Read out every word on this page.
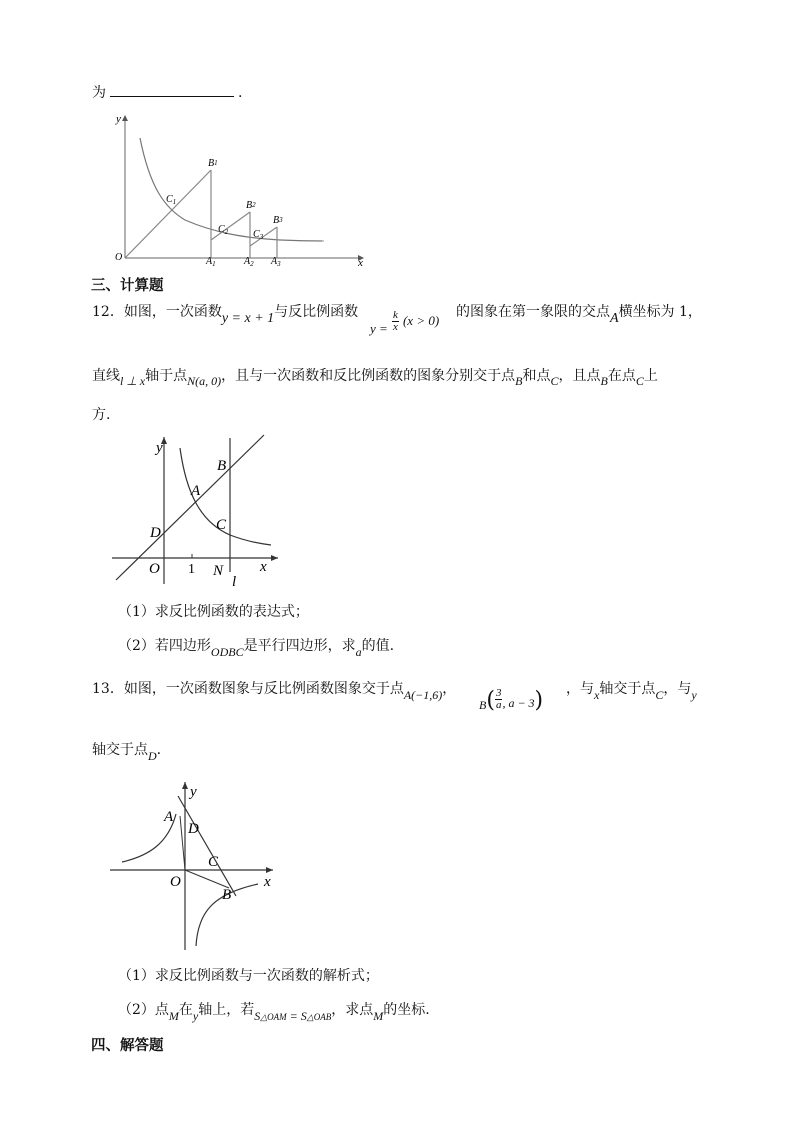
为	.
y
x
O
B1
B2
B3
$C_1$
$C_2$ $C_3$
$A_1$	$A_2$ $A_3$
三、计算题
12．如图，一次函数y = x + 1与反比例函数
$y = \frac{k}{x} (x > 0)$
的图象在第一象限的交点A横坐标为 1，
直线l ⊥ x轴于点N(a, 0)，且与一次函数和反比例函数的图象分别交于点B和点C，且点B在点C上
方.
y
x
O 1 N
l
A
B
C
D
（1）求反比例函数的表达式；
（2）若四边形ODBC是平行四边形，求a的值.
13．如图，一次函数图象与反比例函数图象交于点A(−1,6)，
$B( \frac{3}{a}$ , a − 3) ，与x轴交于点C，与y
轴交于点D.
y
x
O
A
B
C
D
（1）求反比例函数与一次函数的解析式；
（2）点M在y轴上，若S△OAM = S△OAB，求点M的坐标.
四、解答题
